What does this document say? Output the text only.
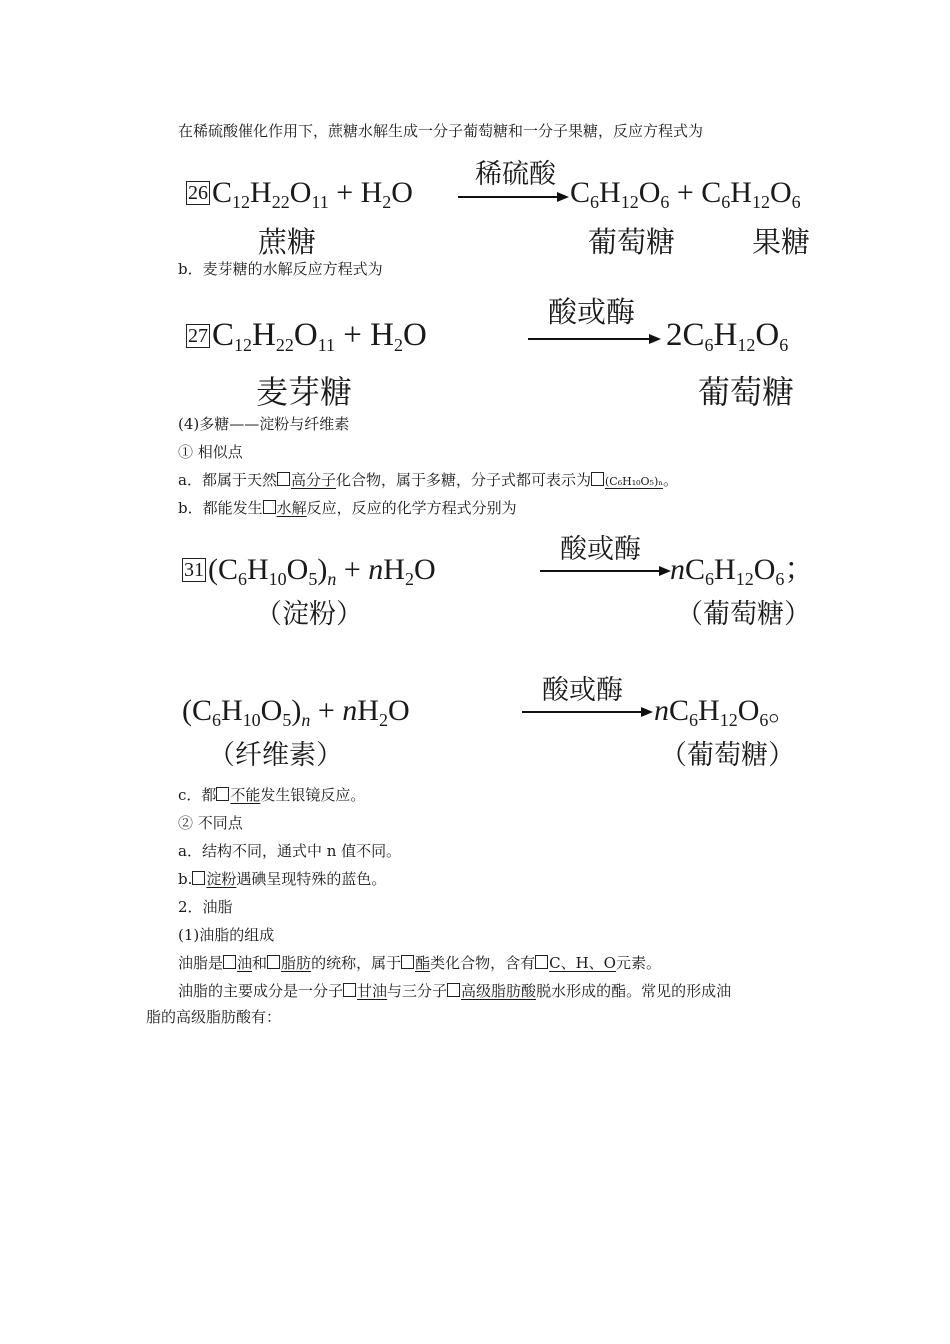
在稀硫酸催化作用下，蔗糖水解生成一分子葡萄糖和一分子果糖，反应方程式为
26 $C_{12}H_{22}O_{11} + H_2O$
稀硫酸
$C_6H_{12}O_6 + C_6H_{12}O_6$
蔗糖	葡萄糖	果糖
b．麦芽糖的水解反应方程式为
27 $C_{12}H_{22}O_{11} + H_2O$
酸或酶
$2C_6H_{12}O_6$
麦芽糖	葡萄糖
(4)多糖——淀粉与纤维素
① 相似点
a．都属于天然 高分子化合物，属于多糖，分子式都可表示为 (C₆H₁₀O₅)ₙ。
b．都能发生 水解反应，反应的化学方程式分别为
31 $(C_6H_{10}O_5)_n + nH_2O$
酸或酶
$nC_6H_{12}O_6$；
（淀粉）	（葡萄糖）
$(C_6H_{10}O_5)_n + nH_2O$
酸或酶
$nC_6H_{12}O_6$。
（纤维素）	（葡萄糖）
c．都 不能发生银镜反应。
② 不同点
a．结构不同，通式中 n 值不同。
b. 淀粉遇碘呈现特殊的蓝色。
2．油脂
(1)油脂的组成
油脂是 油和 脂肪的统称，属于 酯类化合物，含有 C、H、O元素。
油脂的主要成分是一分子 甘油与三分子 高级脂肪酸脱水形成的酯。常见的形成油
脂的高级脂肪酸有：
